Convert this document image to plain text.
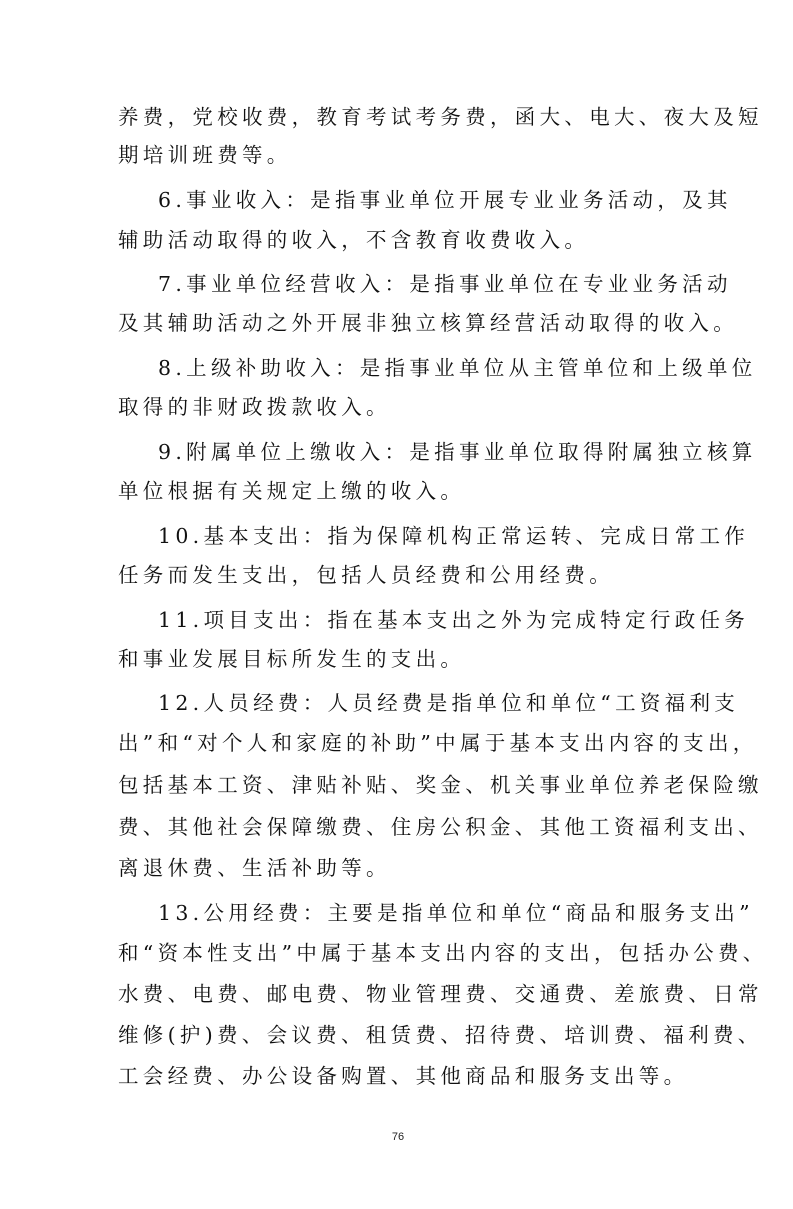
养费，党校收费，教育考试考务费，函大、电大、夜大及短
期培训班费等。
6.事业收入：是指事业单位开展专业业务活动，及其
辅助活动取得的收入，不含教育收费收入。
7.事业单位经营收入：是指事业单位在专业业务活动
及其辅助活动之外开展非独立核算经营活动取得的收入。
8.上级补助收入：是指事业单位从主管单位和上级单位
取得的非财政拨款收入。
9.附属单位上缴收入：是指事业单位取得附属独立核算
单位根据有关规定上缴的收入。
10.基本支出：指为保障机构正常运转、完成日常工作
任务而发生支出，包括人员经费和公用经费。
11.项目支出：指在基本支出之外为完成特定行政任务
和事业发展目标所发生的支出。
12.人员经费：人员经费是指单位和单位“工资福利支
出”和“对个人和家庭的补助”中属于基本支出内容的支出，
包括基本工资、津贴补贴、奖金、机关事业单位养老保险缴
费、其他社会保障缴费、住房公积金、其他工资福利支出、
离退休费、生活补助等。
13.公用经费：主要是指单位和单位“商品和服务支出”
和“资本性支出”中属于基本支出内容的支出，包括办公费、
水费、电费、邮电费、物业管理费、交通费、差旅费、日常
维修(护)费、会议费、租赁费、招待费、培训费、福利费、
工会经费、办公设备购置、其他商品和服务支出等。
76
